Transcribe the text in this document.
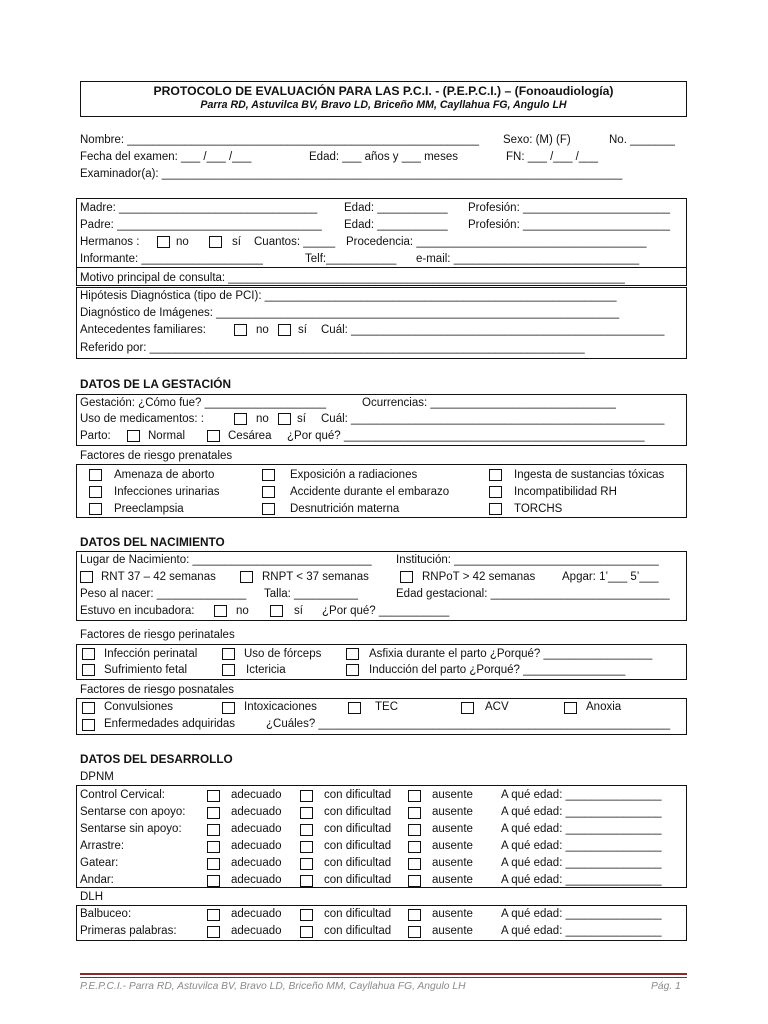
PROTOCOLO DE EVALUACIÓN PARA LAS P.C.I. - (P.E.P.C.I.) – (Fonoaudiología)
Parra RD, Astuvilca BV, Bravo LD, Briceño MM, Cayllahua FG, Angulo LH
Nombre: _______________________________________________________ Sexo: (M) (F)	No. _______
Fecha del examen: ___ /___ /___	Edad: ___ años y ___ meses	FN: ___ /___ /___
Examinador(a): ________________________________________________________________________
Madre: _______________________________ Edad: ___________ Profesión: _______________________
Padre: ________________________________ Edad: ___________ Profesión: _______________________
Hermanos :	no	sí Cuantos: _____ Procedencia: ____________________________________
Informante: ___________________	Telf:___________ e-mail: _____________________________
Motivo principal de consulta: ______________________________________________________________
Hipótesis Diagnóstica (tipo de PCI): _______________________________________________________
Diagnóstico de Imágenes: _______________________________________________________________
Antecedentes familiares:	no	sí Cuál: _________________________________________________
Referido por: ____________________________________________________________________
DATOS DE LA GESTACIÓN
Gestación: ¿Cómo fue? ___________________	Ocurrencias: _____________________________
Uso de medicamentos: :	no sí Cuál: _________________________________________________
Parto:	Normal	Cesárea ¿Por qué? _______________________________________________
Factores de riesgo prenatales
Amenaza de aborto	Exposición a radiaciones	Ingesta de sustancias tóxicas
Infecciones urinarias	Accidente durante el embarazo	Incompatibilidad RH
Preeclampsia	Desnutrición materna	TORCHS
DATOS DEL NACIMIENTO
Lugar de Nacimiento: ____________________________ Institución: ________________________________
RNT 37 – 42 semanas	RNPT < 37 semanas	RNPoT > 42 semanas Apgar: 1’___ 5’___
Peso al nacer: ______________ Talla: __________	Edad gestacional: ____________________________
Estuvo en incubadora:	no	sí ¿Por qué? ___________
Factores de riesgo perinatales
Infección perinatal	Uso de fórceps	Asfixia durante el parto ¿Porqué? _________________
Sufrimiento fetal	Ictericia	Inducción del parto ¿Porqué? ________________
Factores de riesgo posnatales
Convulsiones	Intoxicaciones	TEC	ACV	Anoxia
Enfermedades adquiridas	¿Cuáles? _______________________________________________________
DATOS DEL DESARROLLO
DPNM
Control Cervical:	adecuado	con dificultad	ausente A qué edad: _______________
Sentarse con apoyo:	adecuado	con dificultad	ausente A qué edad: _______________
Sentarse sin apoyo:	adecuado	con dificultad	ausente A qué edad: _______________
Arrastre:	adecuado	con dificultad	ausente A qué edad: _______________
Gatear:	adecuado	con dificultad	ausente A qué edad: _______________
Andar:	adecuado	con dificultad	ausente A qué edad: _______________
DLH
Balbuceo:	adecuado	con dificultad	ausente A qué edad: _______________
Primeras palabras:	adecuado	con dificultad	ausente A qué edad: _______________
P.E.P.C.I.- Parra RD, Astuvilca BV, Bravo LD, Briceño MM, Cayllahua FG, Angulo LH	Pág. 1
